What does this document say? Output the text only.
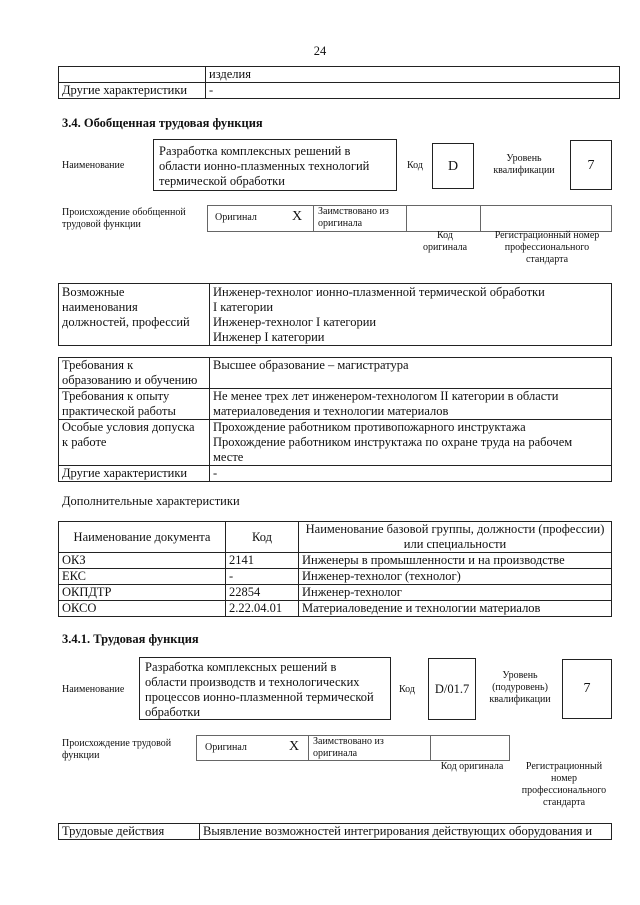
24
	изделия
Другие характеристики	-
3.4. Обобщенная трудовая функция
Наименование
Разработка комплексных решений в
области ионно-плазменных технологий
термической обработки
Код	D
Уровень
квалификации	7
Происхождение обобщенной
трудовой функции
Оригинал	X Заимствовано из
оригинала
Код
оригинала
Регистрационный номер
профессионального
стандарта
Возможные
наименования
должностей, профессий	Инженер-технолог ионно-плазменной термической обработки
I категории
Инженер-технолог I категории
Инженер I категории
Требования к
образованию и обучению	Высшее образование – магистратура
Требования к опыту
практической работы	Не менее трех лет инженером-технологом II категории в области
материаловедения и технологии материалов
Особые условия допуска
к работе	Прохождение работником противопожарного инструктажа
Прохождение работником инструктажа по охране труда на рабочем
месте
Другие характеристики	-
Дополнительные характеристики
Наименование документа	Код	Наименование базовой группы, должности (профессии)
или специальности
ОКЗ	2141	Инженеры в промышленности и на производстве
ЕКС	-	Инженер-технолог (технолог)
ОКПДТР	22854	Инженер-технолог
ОКСО	2.22.04.01	Материаловедение и технологии материалов
3.4.1. Трудовая функция
Наименование
Разработка комплексных решений в
области производств и технологических
процессов ионно-плазменной термической
обработки
Код	D/01.7
Уровень
(подуровень)
квалификации
7
Происхождение трудовой
функции
Оригинал	X Заимствовано из
оригинала
Код оригинала	Регистрационный
номер
профессионального
стандарта
Трудовые действия	Выявление возможностей интегрирования действующих оборудования и
